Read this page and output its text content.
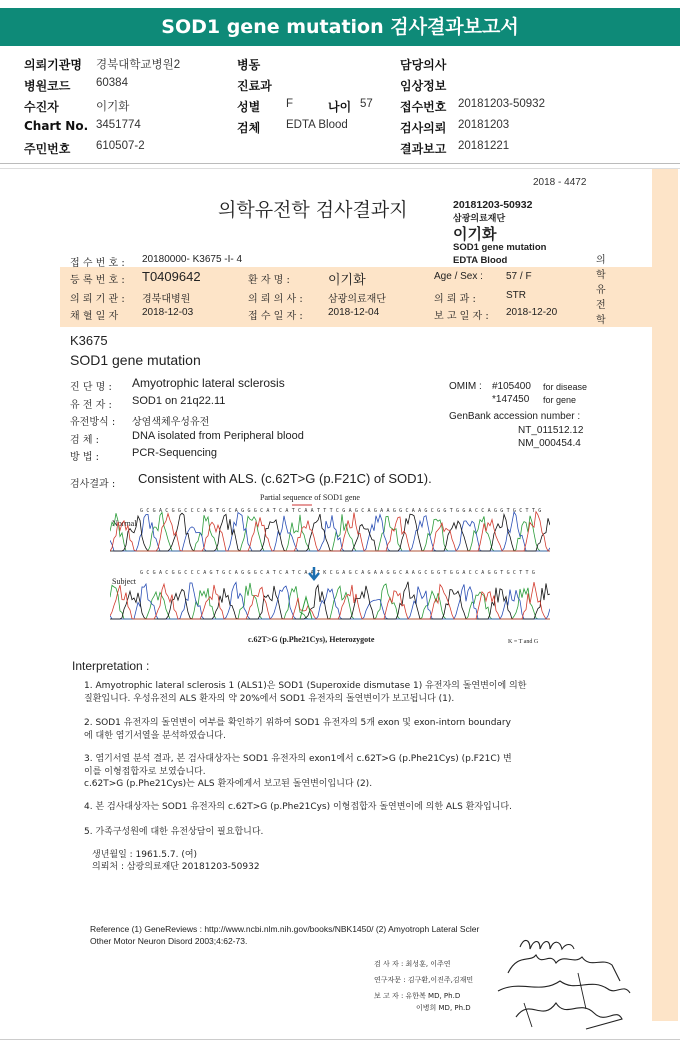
SOD1 gene mutation 검사결과보고서
의뢰기관명 경북대학교병원2	병동	담당의사
병원코드 60384	진료과	임상정보
수진자	이기화	성별 F	나이 57 접수번호 20181203-50932
Chart No. 3451774	검체 EDTA Blood	검사의뢰 20181203
주민번호 610507-2	결과보고 20181221
2018 - 4472
의학유전학 검사결과지	20181203-50932
삼광의료재단
이기화
SOD1 gene mutation
EDTA Blood	의
학
유
전
학
접 수 번 호 : 20180000- K3675 -I- 4
등 록 번 호 : T0409642	환 자 명 :	이기화	Age / Sex : 57 / F
의 뢰 기 관 : 경북대병원	의 뢰 의 사 :	삼광의료재단	의 뢰 과 :	STR
채 혈 일 자 2018-12-03	접 수 일 자 :	2018-12-04	보 고 일 자 : 2018-12-20
K3675
SOD1 gene mutation
진 단 명 : Amyotrophic lateral sclerosis
유 전 자 : SOD1 on 21q22.11
유전방식 : 상염색체우성유전
검 체 :	DNA isolated from Peripheral blood
방 법 :	PCR-Sequencing
OMIM : #105400 for disease
*147450 for gene
GenBank accession number :
NT_011512.12
NM_000454.4
검사결과 : Consistent with ALS. (c.62T>G (p.F21C) of SOD1).
Partial sequence of SOD1 gene
Normal
Subject
G C G A C G G C C C A G T G C A G G G C A T C A T C A A T T T C G A G C A G A A G G C A A G C G G T G G A C C A G G T G C T T G
G C G A C G G C C C A G T G C A G G G C A T C A T C A A T K C G A G C A G A A G G C A A G C G G T G G A C C A G G T G C T T G
c.62T>G (p.Phe21Cys), Heterozygote	K = T and G
Interpretation :
1. Amyotrophic lateral sclerosis 1 (ALS1)은 SOD1 (Superoxide dismutase 1) 유전자의 돌연변이에 의한
질환입니다. 우성유전의 ALS 환자의 약 20%에서 SOD1 유전자의 돌연변이가 보고됩니다 (1).
2. SOD1 유전자의 돌연변이 여부를 확인하기 위하여 SOD1 유전자의 5개 exon 및 exon-intorn boundary
에 대한 염기서열을 분석하였습니다.
3. 염기서열 분석 결과, 본 검사대상자는 SOD1 유전자의 exon1에서 c.62T>G (p.Phe21Cys) (p.F21C) 변
이를 이형접합자로 보였습니다.
c.62T>G (p.Phe21Cys)는 ALS 환자에게서 보고된 돌연변이입니다 (2).
4. 본 검사대상자는 SOD1 유전자의 c.62T>G (p.Phe21Cys) 이형접합자 돌연변이에 의한 ALS 환자입니다.
5. 가족구성원에 대한 유전상담이 필요합니다.
생년월일 : 1961.5.7. (여)
의뢰처 : 삼광의료재단 20181203-50932
Reference (1) GeneReviews : http://www.ncbi.nlm.nih.gov/books/NBK1450/ (2) Amyotroph Lateral Scler
Other Motor Neuron Disord 2003;4:62-73.
검 사 자 : 최성훈, 이주연
연구자문 : 김구환,이진주,김재민
보 고 자 : 유한복 MD, Ph.D
이병희 MD, Ph.D
